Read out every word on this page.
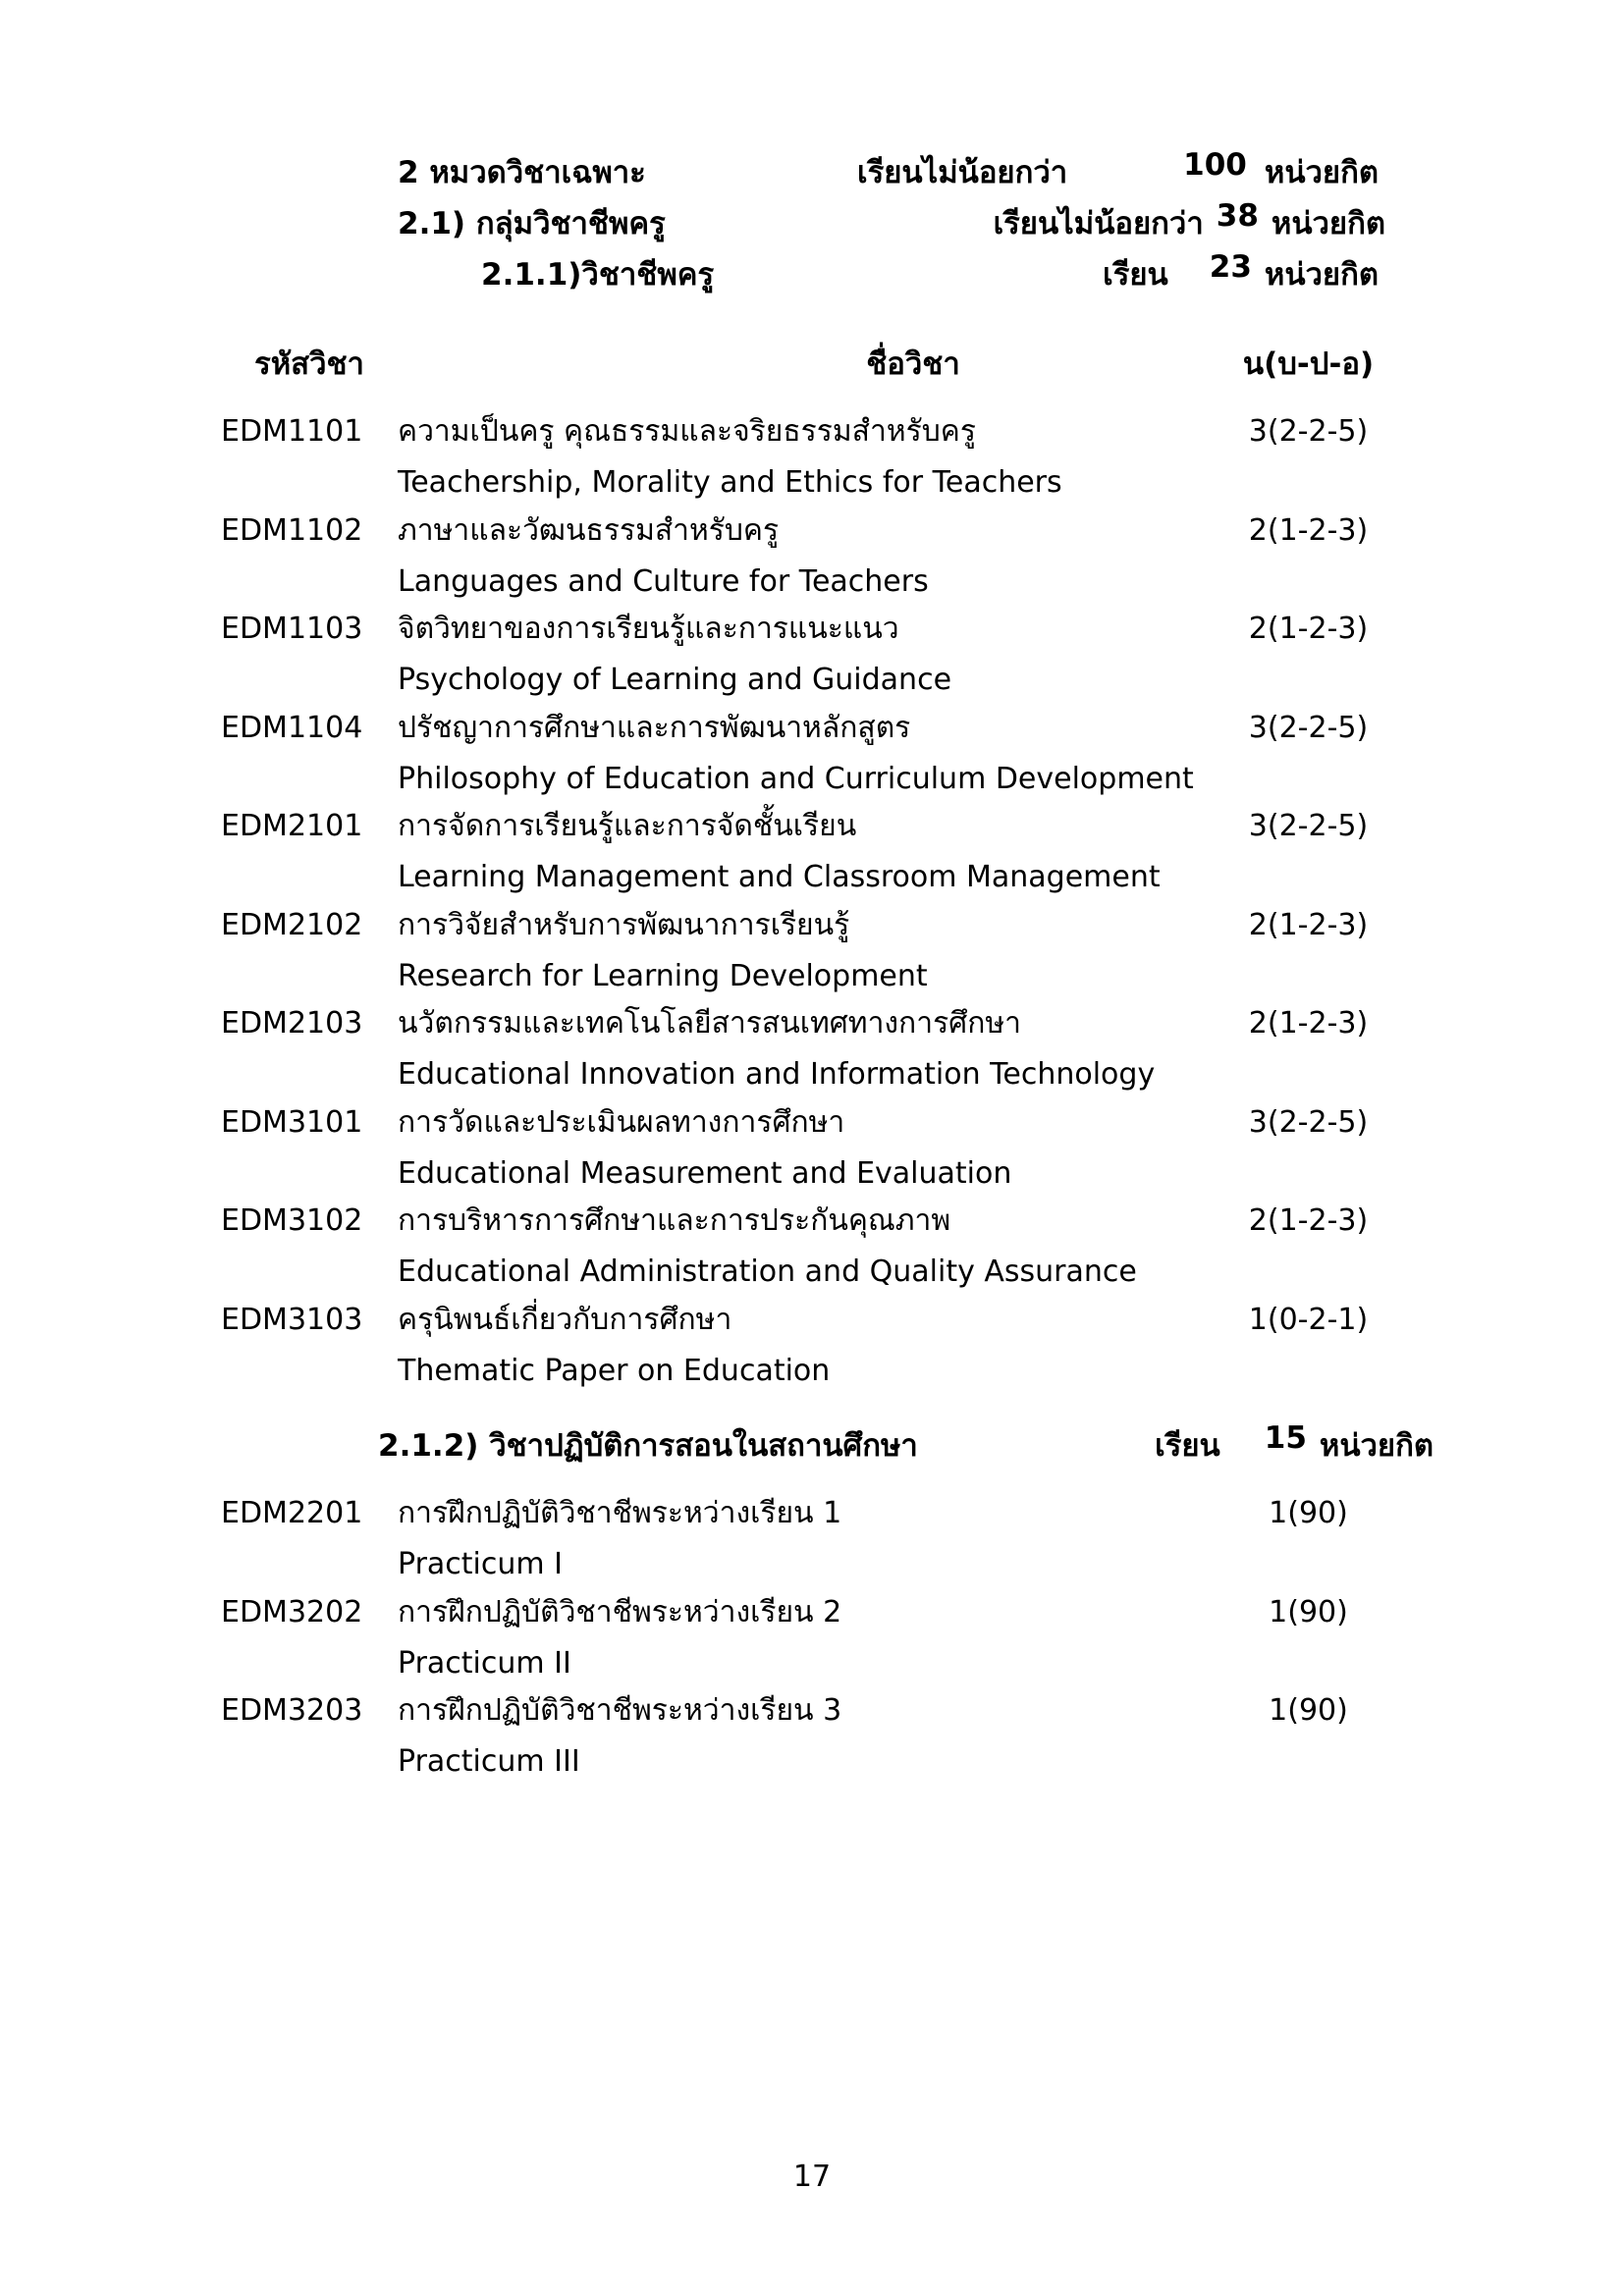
2 หมวดวิชาเฉพาะ	เรียนไม่น้อยกว่า	100 หน่วยกิต
2.1) กลุ่มวิชาชีพครู	เรียนไม่น้อยกว่า 38 หน่วยกิต
2.1.1)วิชาชีพครู	เรียน 23 หน่วยกิต
รหัสวิชา	ชื่อวิชา	น(บ-ป-อ)
EDM1101	ความเป็นครู คุณธรรมและจริยธรรมสำหรับครู	3(2-2-5)
Teachership, Morality and Ethics for Teachers
EDM1102	ภาษาและวัฒนธรรมสำหรับครู	2(1-2-3)
Languages and Culture for Teachers
EDM1103	จิตวิทยาของการเรียนรู้และการแนะแนว	2(1-2-3)
Psychology of Learning and Guidance
EDM1104	ปรัชญาการศึกษาและการพัฒนาหลักสูตร	3(2-2-5)
Philosophy of Education and Curriculum Development
EDM2101	การจัดการเรียนรู้และการจัดชั้นเรียน	3(2-2-5)
Learning Management and Classroom Management
EDM2102	การวิจัยสำหรับการพัฒนาการเรียนรู้	2(1-2-3)
Research for Learning Development
EDM2103	นวัตกรรมและเทคโนโลยีสารสนเทศทางการศึกษา	2(1-2-3)
Educational Innovation and Information Technology
EDM3101	การวัดและประเมินผลทางการศึกษา	3(2-2-5)
Educational Measurement and Evaluation
EDM3102	การบริหารการศึกษาและการประกันคุณภาพ	2(1-2-3)
Educational Administration and Quality Assurance
EDM3103	ครุนิพนธ์เกี่ยวกับการศึกษา	1(0-2-1)
Thematic Paper on Education
2.1.2) วิชาปฏิบัติการสอนในสถานศึกษา	เรียน 15 หน่วยกิต
EDM2201	การฝึกปฏิบัติวิชาชีพระหว่างเรียน 1	1(90)
Practicum I
EDM3202	การฝึกปฏิบัติวิชาชีพระหว่างเรียน 2	1(90)
Practicum II
EDM3203	การฝึกปฏิบัติวิชาชีพระหว่างเรียน 3	1(90)
Practicum III
17
